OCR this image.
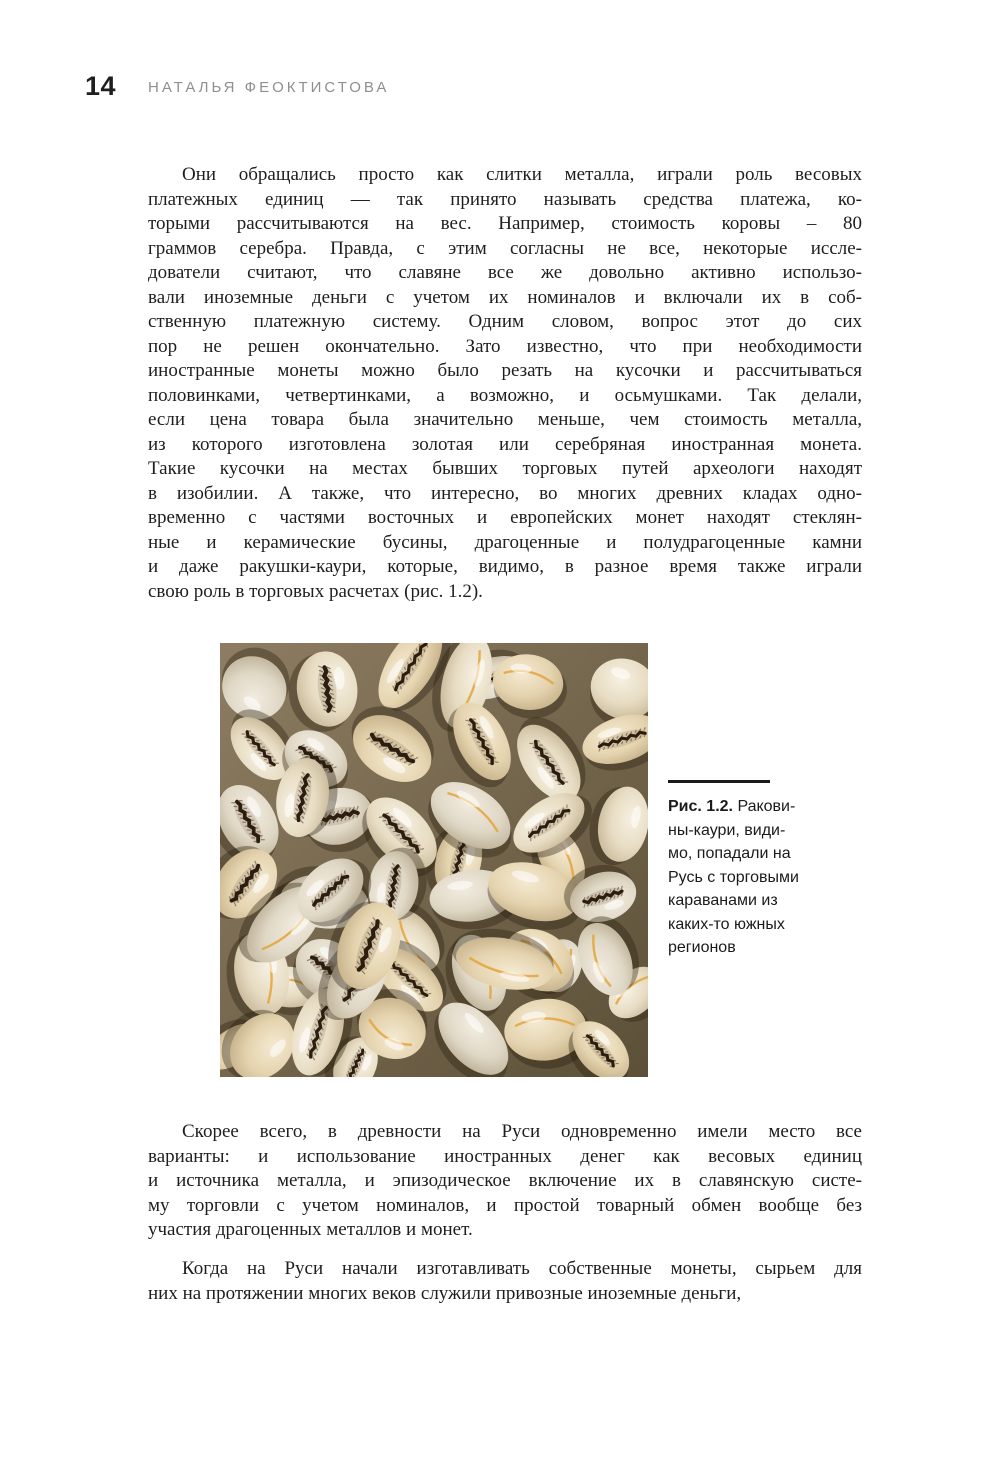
14 НАТАЛЬЯ ФЕОКТИСТОВА
Они обращались просто как слитки металла, играли роль весовых
платежных единиц — так принято называть средства платежа, ко-
торыми рассчитываются на вес. Например, стоимость коровы – 80
граммов серебра. Правда, с этим согласны не все, некоторые иссле-
дователи считают, что славяне все же довольно активно использо-
вали иноземные деньги с учетом их номиналов и включали их в соб-
ственную платежную систему. Одним словом, вопрос этот до сих
пор не решен окончательно. Зато известно, что при необходимости
иностранные монеты можно было резать на кусочки и рассчитываться
половинками, четвертинками, а возможно, и осьмушками. Так делали,
если цена товара была значительно меньше, чем стоимость металла,
из которого изготовлена золотая или серебряная иностранная монета.
Такие кусочки на местах бывших торговых путей археологи находят
в изобилии. А также, что интересно, во многих древних кладах одно-
временно с частями восточных и европейских монет находят стеклян-
ные и керамические бусины, драгоценные и полудрагоценные камни
и даже ракушки-каури, которые, видимо, в разное время также играли
свою роль в торговых расчетах (рис. 1.2).
Рис. 1.2. Ракови-
ны-каури, види-
мо, попадали на
Русь с торговыми
караванами из
каких-то южных
регионов
Скорее всего, в древности на Руси одновременно имели место все
варианты: и использование иностранных денег как весовых единиц
и источника металла, и эпизодическое включение их в славянскую систе-
му торговли с учетом номиналов, и простой товарный обмен вообще без
участия драгоценных металлов и монет.
Когда на Руси начали изготавливать собственные монеты, сырьем для
них на протяжении многих веков служили привозные иноземные деньги,
